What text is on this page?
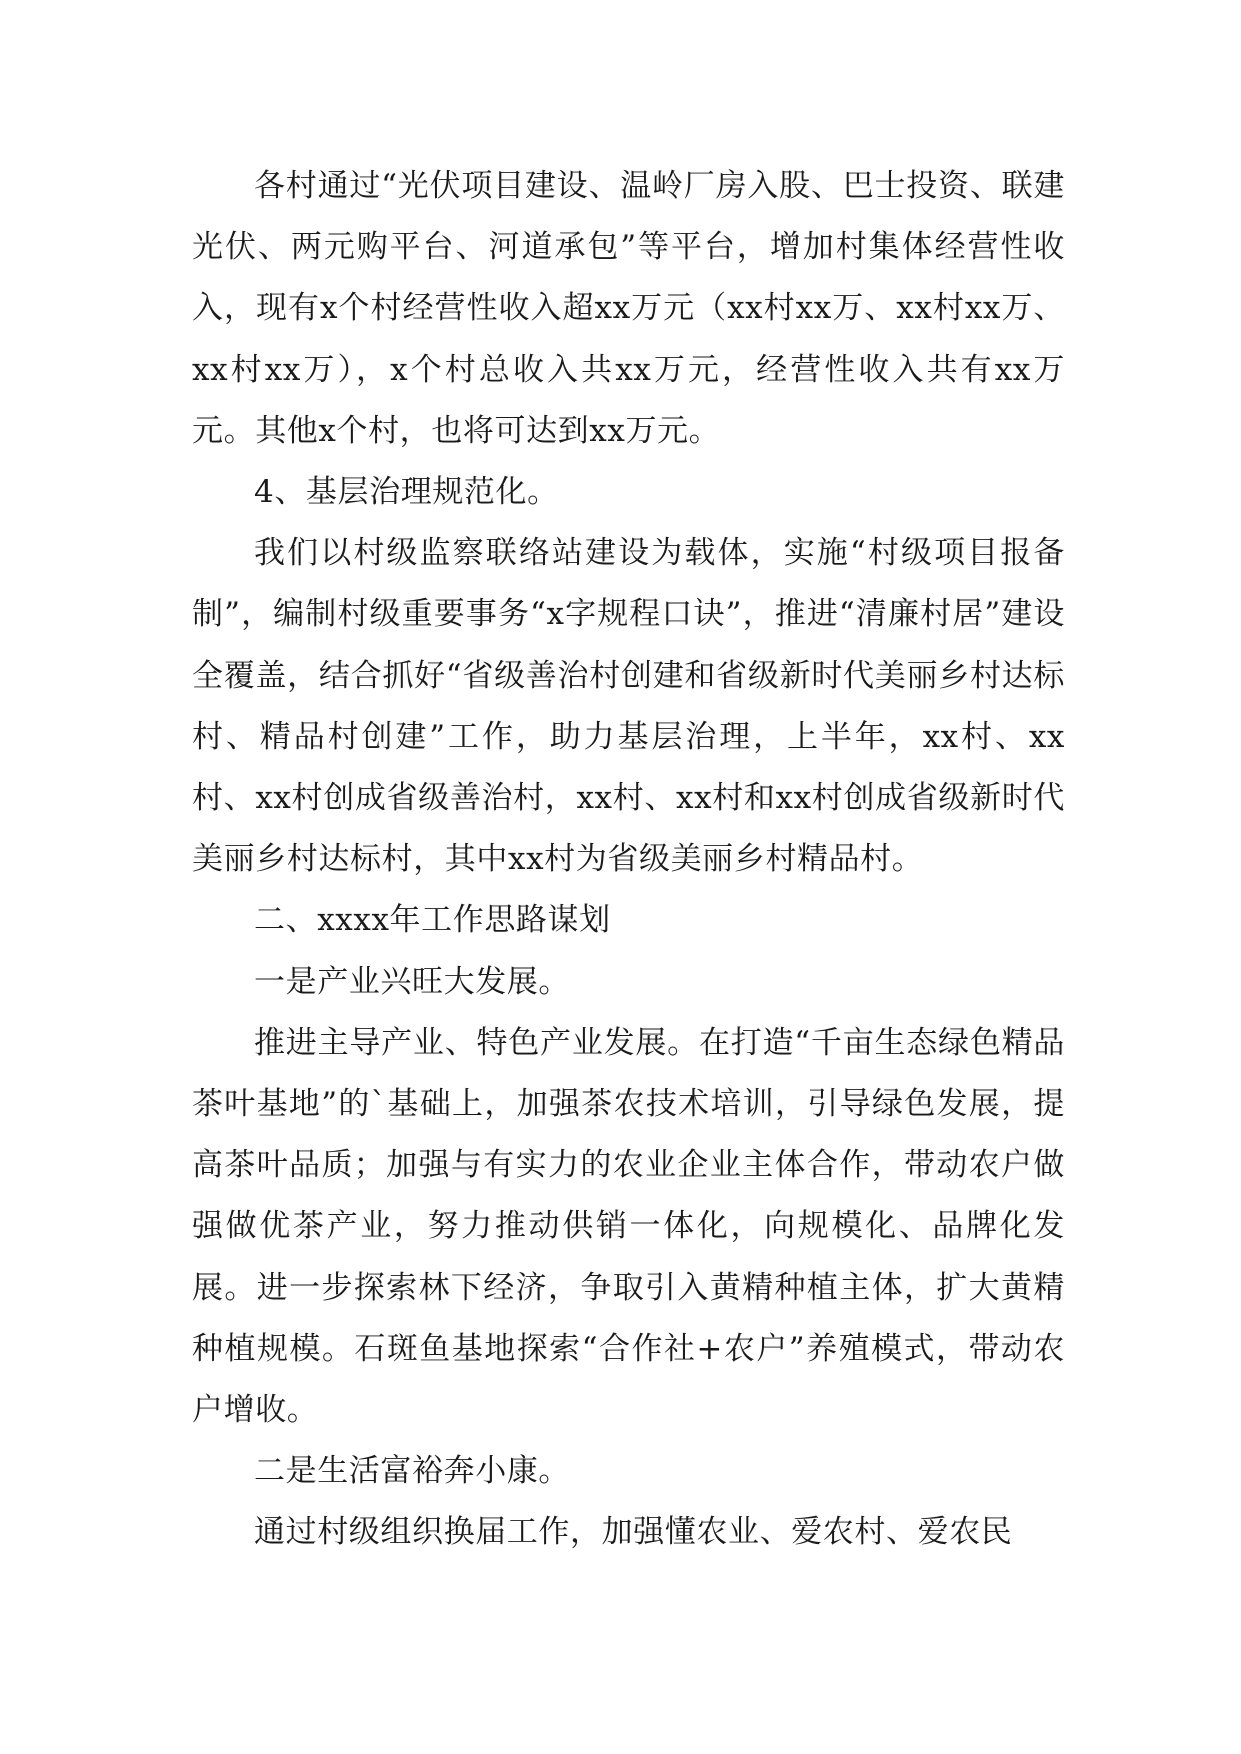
各村通过“光伏项目建设、温岭厂房入股、巴士投资、联建光伏、两元购平台、河道承包”等平台，增加村集体经营性收入，现有x个村经营性收入超xx万元（xx村xx万、xx村xx万、xx村xx万），x个村总收入共xx万元，经营性收入共有xx万元。其他x个村，也将可达到xx万元。

4、基层治理规范化。

我们以村级监察联络站建设为载体，实施“村级项目报备制”，编制村级重要事务“x字规程口诀”，推进“清廉村居”建设全覆盖，结合抓好“省级善治村创建和省级新时代美丽乡村达标村、精品村创建”工作，助力基层治理，上半年，xx村、xx村、xx村创成省级善治村，xx村、xx村和xx村创成省级新时代美丽乡村达标村，其中xx村为省级美丽乡村精品村。

二、xxxx年工作思路谋划

一是产业兴旺大发展。

推进主导产业、特色产业发展。在打造“千亩生态绿色精品茶叶基地”的`基础上，加强茶农技术培训，引导绿色发展，提高茶叶品质；加强与有实力的农业企业主体合作，带动农户做强做优茶产业，努力推动供销一体化，向规模化、品牌化发展。进一步探索林下经济，争取引入黄精种植主体，扩大黄精种植规模。石斑鱼基地探索“合作社+农户”养殖模式，带动农户增收。

二是生活富裕奔小康。

通过村级组织换届工作，加强懂农业、爱农村、爱农民
